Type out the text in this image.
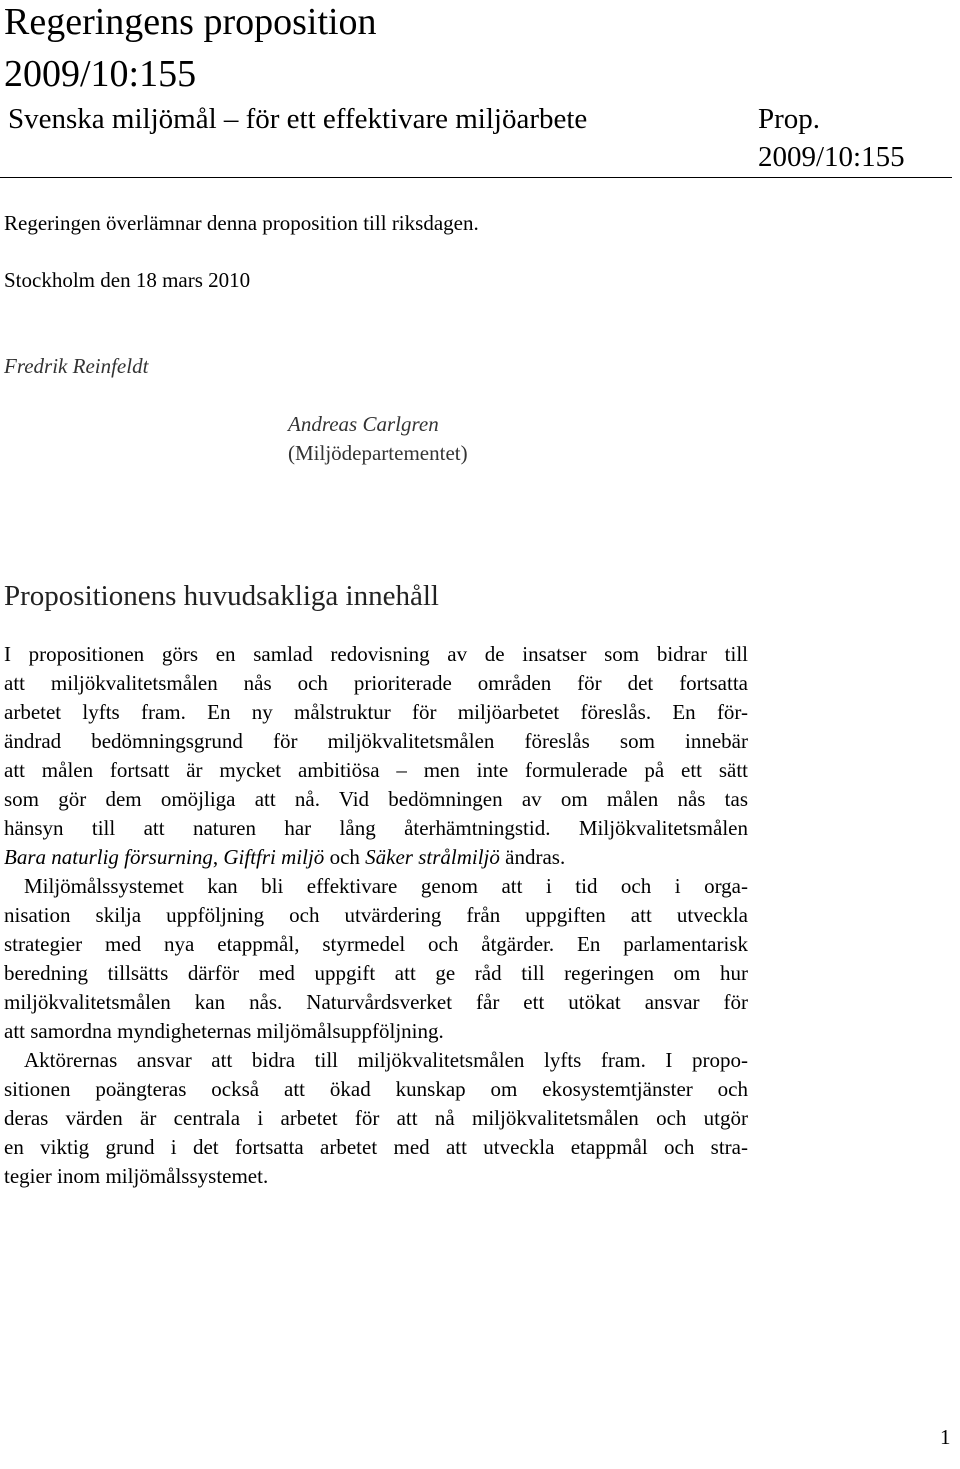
Regeringens proposition
2009/10:155
Svenska miljömål – för ett effektivare miljöarbete	Prop.
2009/10:155
Regeringen överlämnar denna proposition till riksdagen.
Stockholm den 18 mars 2010
Fredrik Reinfeldt
Andreas Carlgren
(Miljödepartementet)
Propositionens huvudsakliga innehåll
I propositionen görs en samlad redovisning av de insatser som bidrar till
att miljökvalitetsmålen nås och prioriterade områden för det fortsatta
arbetet lyfts fram. En ny målstruktur för miljöarbetet föreslås. En för-
ändrad bedömningsgrund för miljökvalitetsmålen föreslås som innebär
att målen fortsatt är mycket ambitiösa – men inte formulerade på ett sätt
som gör dem omöjliga att nå. Vid bedömningen av om målen nås tas
hänsyn till att naturen har lång återhämtningstid. Miljökvalitetsmålen
Bara naturlig försurning, Giftfri miljö och Säker strålmiljö ändras.
Miljömålssystemet kan bli effektivare genom att i tid och i orga-
nisation skilja uppföljning och utvärdering från uppgiften att utveckla
strategier med nya etappmål, styrmedel och åtgärder. En parlamentarisk
beredning tillsätts därför med uppgift att ge råd till regeringen om hur
miljökvalitetsmålen kan nås. Naturvårdsverket får ett utökat ansvar för
att samordna myndigheternas miljömålsuppföljning.
Aktörernas ansvar att bidra till miljökvalitetsmålen lyfts fram. I propo-
sitionen poängteras också att ökad kunskap om ekosystemtjänster och
deras värden är centrala i arbetet för att nå miljökvalitetsmålen och utgör
en viktig grund i det fortsatta arbetet med att utveckla etappmål och stra-
tegier inom miljömålssystemet.
1
